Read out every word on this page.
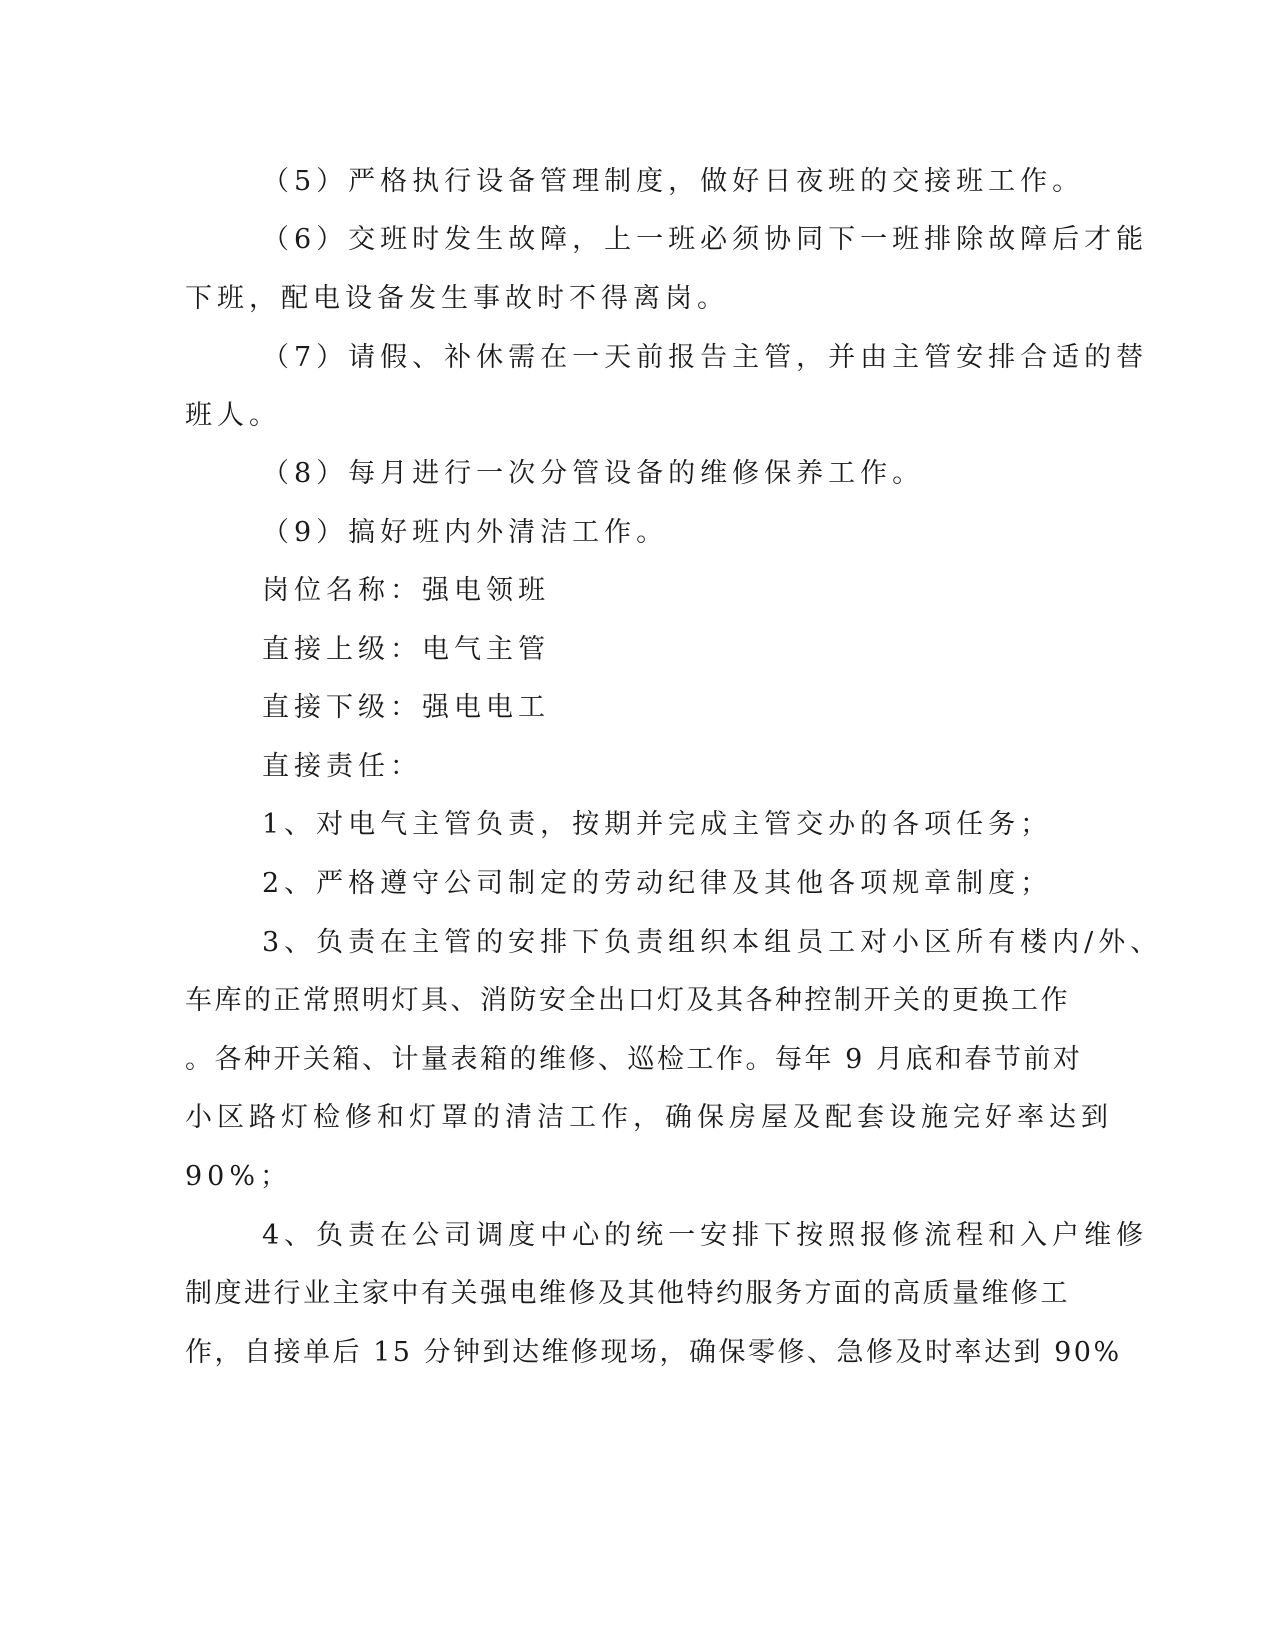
（5）严格执行设备管理制度，做好日夜班的交接班工作。
（6）交班时发生故障，上一班必须协同下一班排除故障后才能
下班，配电设备发生事故时不得离岗。
（7）请假、补休需在一天前报告主管，并由主管安排合适的替
班人。
（8）每月进行一次分管设备的维修保养工作。
（9）搞好班内外清洁工作。
岗位名称：强电领班
直接上级：电气主管
直接下级：强电电工
直接责任：
1、对电气主管负责，按期并完成主管交办的各项任务；
2、严格遵守公司制定的劳动纪律及其他各项规章制度；
3、负责在主管的安排下负责组织本组员工对小区所有楼内/外、
车库的正常照明灯具、消防安全出口灯及其各种控制开关的更换工作
。各种开关箱、计量表箱的维修、巡检工作。每年 9 月底和春节前对
小区路灯检修和灯罩的清洁工作，确保房屋及配套设施完好率达到
90%；
4、负责在公司调度中心的统一安排下按照报修流程和入户维修
制度进行业主家中有关强电维修及其他特约服务方面的高质量维修工
作，自接单后 15 分钟到达维修现场，确保零修、急修及时率达到 90%
